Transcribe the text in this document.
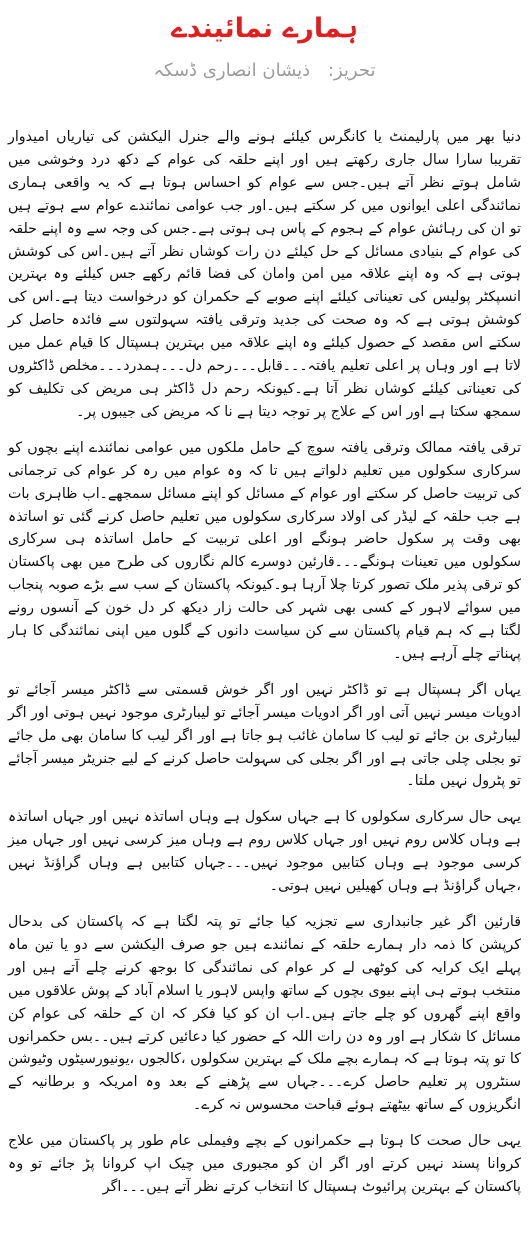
ہمارے نمائیندے
تحریز: ذیشان انصاری ڈسکہ

دنیا بھر میں پارلیمنٹ یا کانگرس کیلئے ہونے والے جنرل الیکشن کی تیاریاں امیدوار تقریبا سارا سال جاری رکھتے ہیں اور اپنے حلقہ کی عوام کے دکھ درد وخوشی میں شامل ہوتے نظر آتے ہیں۔جس سے عوام کو احساس ہوتا ہے کہ یہ واقعی ہماری نمائندگی اعلی ایوانوں میں کر سکتے ہیں۔اور جب عوامی نمائندے عوام سے ہوتے ہیں تو ان کی رہائش عوام کے ہجوم کے پاس ہی ہوتی ہے۔جس کی وجہ سے وہ اپنے حلقہ کی عوام کے بنیادی مسائل کے حل کیلئے دن رات کوشاں نظر آتے ہیں۔اس کی کوشش ہوتی ہے کہ وہ اپنے علاقہ میں امن وامان کی فضا قائم رکھے جس کیلئے وہ بہترین انسپکٹر پولیس کی تعیناتی کیلئے اپنے صوبے کے حکمران کو درخواست دیتا ہے۔اس کی کوشش ہوتی ہے کہ وہ صحت کی جدید وترقی یافتہ سہولتوں سے فائدہ حاصل کر سکتے اس مقصد کے حصول کیلئے وہ اپنے علاقہ میں بہترین ہسپتال کا قیام عمل میں لاتا ہے اور وہاں پر اعلی تعلیم یافتہ۔۔۔قابل۔۔۔رحم دل۔۔۔ہمدرد۔۔۔مخلص ڈاکٹروں کی تعیناتی کیلئے کوشاں نظر آتا ہے۔کیونکہ رحم دل ڈاکٹر ہی مریض کی تکلیف کو سمجھ سکتا ہے اور اس کے علاج پر توجہ دیتا ہے نا کہ مریض کی جیبوں پر۔

ترقی یافتہ ممالک وترقی یافتہ سوچ کے حامل ملکوں میں عوامی نمائندے اپنے بچوں کو سرکاری سکولوں میں تعلیم دلواتے ہیں تا کہ وہ عوام میں رہ کر عوام کی ترجمانی کی تربیت حاصل کر سکتے اور عوام کے مسائل کو اپنے مسائل سمجھے۔اب ظاہری بات ہے جب حلقہ کے لیڈر کی اولاد سرکاری سکولوں میں تعلیم حاصل کرنے گئی تو اساتذہ بھی وقت پر سکول حاضر ہونگے اور اعلی تربیت کے حامل اساتذہ ہی سرکاری سکولوں میں تعینات ہونگے۔۔۔قارئین دوسرے کالم نگاروں کی طرح میں بھی پاکستان کو ترقی پذیر ملک تصور کرتا چلا آرہا ہو۔کیونکہ پاکستان کے سب سے بڑے صوبہ پنجاب میں سوائے لاہور کے کسی بھی شہر کی حالت زار دیکھ کر دل خون کے آنسوں رونے لگتا ہے کہ ہم قیام پاکستان سے کن سیاست دانوں کے گلوں میں اپنی نمائندگی کا ہار پہناتے چلے آرہے ہیں۔

یہاں اگر ہسپتال ہے تو ڈاکٹر نہیں اور اگر خوش قسمتی سے ڈاکٹر میسر آجائے تو ادویات میسر نہیں آتی اور اگر ادویات میسر آجائے تو لیبارٹری موجود نہیں ہوتی اور اگر لیبارٹری بن جائے تو لیب کا سامان غائب ہو جاتا ہے اور اگر لیب کا سامان بھی مل جائے تو بجلی چلی جاتی ہے اور اگر بجلی کی سہولت حاصل کرنے کے لیے جنریٹر میسر آجائے تو پٹرول نہیں ملتا۔

یہی حال سرکاری سکولوں کا ہے جہاں سکول ہے وہاں اساتذہ نہیں اور جہاں اساتذہ ہے وہاں کلاس روم نہیں اور جہاں کلاس روم ہے وہاں میز کرسی نہیں اور جہاں میز کرسی موجود ہے وہاں کتابیں موجود نہیں۔۔۔جہاں کتابیں ہے وہاں گراؤنڈ نہیں ،جہاں گراؤنڈ ہے وہاں کھیلیں نہیں ہوتی۔

قارئین اگر غیر جانبداری سے تجزیہ کیا جائے تو پتہ لگتا ہے کہ پاکستان کی بدحال کرپشن کا ذمہ دار ہمارے حلقہ کے نمائندے ہیں جو صرف الیکشن سے دو یا تین ماہ پہلے ایک کرایہ کی کوٹھی لے کر عوام کی نمائندگی کا بوجھ کرنے چلے آتے ہیں اور منتخب ہوتے ہی اپنے بیوی بچوں کے ساتھ واپس لاہور یا اسلام آباد کے پوش علاقوں میں واقع اپنے گھروں کو چلے جاتے ہیں۔اب ان کو کیا فکر کہ ان کے حلقہ کی عوام کن مسائل کا شکار ہے اور وہ دن رات اللہ کے حضور کیا دعائیں کرتے ہیں۔۔بس حکمرانوں کا تو پتہ ہوتا ہے کہ ہمارے بچے ملک کے بہترین سکولوں ،کالجوں ،یونیورسیٹوں وٹیوشن سنٹروں پر تعلیم حاصل کرے۔۔۔جہاں سے پڑھنے کے بعد وہ امریکہ و برطانیہ کے انگریزوں کے ساتھ بیٹھتے ہوئے قباحت محسوس نہ کرے۔

یہی حال صحت کا ہوتا ہے حکمرانوں کے بچے وفیملی عام طور پر پاکستان میں علاج کروانا پسند نہیں کرتے اور اگر ان کو مجبوری میں چیک اپ کروانا پڑ جائے تو وہ پاکستان کے بہترین پرائیوٹ ہسپتال کا انتخاب کرتے نظر آتے ہیں۔۔۔اگر
